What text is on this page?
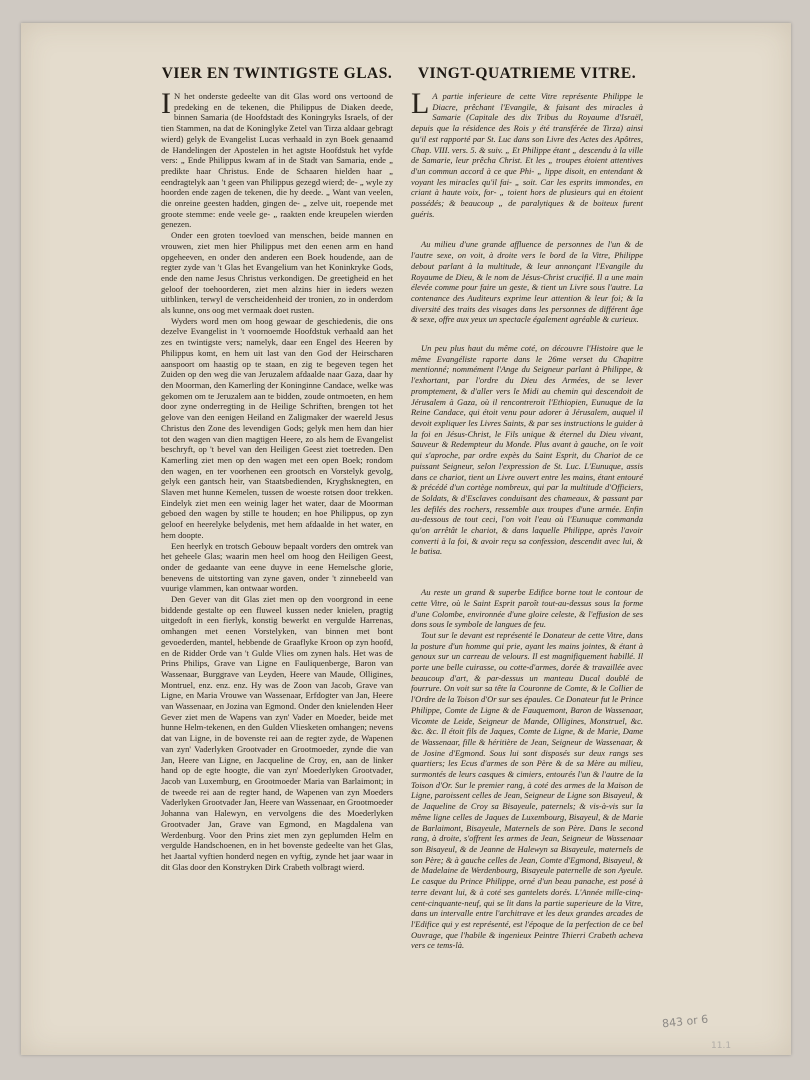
VIER EN TWINTIGSTE GLAS.

I N het onderste gedeelte van dit Glas word ons vertoond de predeking en de tekenen, die Philippus de Diaken deede, binnen Samaria (de Hoofdstadt des Koningryks Israels, of der tien Stammen, na dat de Koninglyke Zetel van Tirza aldaar gebragt wierd) gelyk de Evangelist Lucas verhaald in zyn Boek genaamd de Handelingen der Apostelen in het agtste Hoofdstuk het vyfde vers: „ Ende Philippus kwam af in de Stadt van Samaria, ende „ predikte haar Christus. Ende de Schaaren hielden haar „ eendragtelyk aan 't geen van Philippus gezegd wierd; de- „ wyle zy hoorden ende zagen de tekenen, die hy deede. „ Want van veelen, die onreine geesten hadden, gingen de- „ zelve uit, roepende met groote stemme: ende veele ge- „ raakten ende kreupelen wierden genezen.

Onder een groten toevloed van menschen, beide mannen en vrouwen, ziet men hier Philippus met den eenen arm en hand opgeheeven, en onder den anderen een Boek houdende, aan de regter zyde van 't Glas het Evangelium van het Koninkryke Gods, ende den name Jesus Christus verkondigen. De greetigheid en het geloof der toehoorderen, ziet men alzins hier in ieders wezen uitblinken, terwyl de verscheidenheid der tronien, zo in onderdom als kunne, ons oog met vermaak doet rusten.

Wyders word men om hoog gewaar de geschiedenis, die ons dezelve Evangelist in 't voornoemde Hoofdstuk verhaald aan het zes en twintigste vers; namelyk, daar een Engel des Heeren by Philippus komt, en hem uit last van den God der Heirscharen aanspoort om haastig op te staan, en zig te begeven tegen het Zuiden op den weg die van Jeruzalem afdaalde naar Gaza, daar hy den Moorman, den Kamerling der Koninginne Candace, welke was gekomen om te Jeruzalem aan te bidden, zoude ontmoeten, en hem door zyne onderregting in de Heilige Schriften, brengen tot het gelove van den eenigen Heiland en Zaligmaker der waereld Jesus Christus den Zone des levendigen Gods; gelyk men hem dan hier tot den wagen van dien magtigen Heere, zo als hem de Evangelist beschryft, op 't bevel van den Heiligen Geest ziet toetreden. Den Kamerling ziet men op den wagen met een open Boek; rondom den wagen, en ter voorhenen een grootsch en Vorstelyk gevolg, gelyk een gantsch heir, van Staatsbedienden, Kryghsknegten, en Slaven met hunne Kemelen, tussen de woeste rotsen door trekken. Eindelyk ziet men een weinig lager het water, daar de Moorman geboed den wagen by stille te houden; en hoe Philippus, op zyn geloof en heerelyke belydenis, met hem afdaalde in het water, en hem doopte.

Een heerlyk en trotsch Gebouw bepaalt vorders den omtrek van het geheele Glas; waarin men heel om hoog den Heiligen Geest, onder de gedaante van eene duyve in eene Hemelsche glorie, benevens de uitstorting van zyne gaven, onder 't zinnebeeld van vuurige vlammen, kan ontwaar worden.

Den Gever van dit Glas ziet men op den voorgrond in eene biddende gestalte op een fluweel kussen neder knielen, pragtig uitgedoft in een fierlyk, konstig bewerkt en vergulde Harrenas, omhangen met eenen Vorstelyken, van binnen met bont gevoederden, mantel, hebbende de Graaflyke Kroon op zyn hoofd, en de Ridder Orde van 't Gulde Vlies om zynen hals. Het was de Prins Philips, Grave van Ligne en Fauliquenberge, Baron van Wassenaar, Burggrave van Leyden, Heere van Maude, Olligines, Montruel, enz. enz. enz. Hy was de Zoon van Jacob, Grave van Ligne, en Maria Vrouwe van Wassenaar, Erfdogter van Jan, Heere van Wassenaar, en Jozina van Egmond. Onder den knielenden Heer Gever ziet men de Wapens van zyn' Vader en Moeder, beide met hunne Helm-tekenen, en den Gulden Vliesketen omhangen; nevens dat van Ligne, in de bovenste rei aan de regter zyde, de Wapenen van zyn' Vaderlyken Grootvader en Grootmoeder, zynde die van Jan, Heere van Ligne, en Jacqueline de Croy, en, aan de linker hand op de egte hoogte, die van zyn' Moederlyken Grootvader, Jacob van Luxemburg, en Grootmoeder Maria van Barlaimont; in de tweede rei aan de regter hand, de Wapenen van zyn Moeders Vaderlyken Grootvader Jan, Heere van Wassenaar, en Grootmoeder Johanna van Halewyn, en vervolgens die des Moederlyken Grootvader Jan, Grave van Egmond, en Magdalena van Werdenburg. Voor den Prins ziet men zyn geplumden Helm en vergulde Handschoenen, en in het bovenste gedeelte van het Glas, het Jaartal vyftien honderd negen en vyftig, zynde het jaar waar in dit Glas door den Konstryken Dirk Crabeth volbragt wierd.

VINGT-QUATRIEME VITRE.

L A partie inferieure de cette Vitre représente Philippe le Diacre, prêchant l'Evangile, & faisant des miracles à Samarie (Capitale des dix Tribus du Royaume d'Israël, depuis que la résidence des Rois y été transférée de Tirza) ainsi qu'il est rapporté par St. Luc dans son Livre des Actes des Apôtres, Chap. VIII. vers. 5. & suiv. „ Et Philippe étant „ descendu à la ville de Samarie, leur prêcha Christ. Et les „ troupes étoient attentives d'un commun accord à ce que Phi- „ lippe disoit, en entendant & voyant les miracles qu'il fai- „ soit. Car les esprits immondes, en criant à haute voix, for- „ toient hors de plusieurs qui en étoient possédés; & beaucoup „ de paralytiques & de boiteux furent guéris.

Au milieu d'une grande affluence de personnes de l'un & de l'autre sexe, on voit, à droite vers le bord de la Vitre, Philippe debout parlant à la multitude, & leur annonçant l'Evangile du Royaume de Dieu, & le nom de Jésus-Christ crucifié. Il a une main élevée comme pour faire un geste, & tient un Livre sous l'autre. La contenance des Auditeurs exprime leur attention & leur foi; & la diversité des traits des visages dans les personnes de différent âge & sexe, offre aux yeux un spectacle également agréable & curieux.

Un peu plus haut du même coté, on découvre l'Histoire que le même Evangéliste raporte dans le 26me verset du Chapitre mentionné; nommément l'Ange du Seigneur parlant à Philippe, & l'exhortant, par l'ordre du Dieu des Armées, de se lever promptement, & d'aller vers le Midi au chemin qui descendoit de Jérusalem à Gaza, où il rencontreroit l'Ethiopien, Eunuque de la Reine Candace, qui étoit venu pour adorer à Jérusalem, auquel il devoit expliquer les Livres Saints, & par ses instructions le guider à la foi en Jésus-Christ, le Fils unique & éternel du Dieu vivant, Sauveur & Redempteur du Monde. Plus avant à gauche, on le voit qui s'aproche, par ordre expès du Saint Esprit, du Chariot de ce puissant Seigneur, selon l'expression de St. Luc. L'Eunuque, assis dans ce chariot, tient un Livre ouvert entre les mains, étant entouré & précédé d'un cortège nombreux, qui par la multitude d'Officiers, de Soldats, & d'Esclaves conduisant des chameaux, & passant par les defilés des rochers, ressemble aux troupes d'une armée. Enfin au-dessous de tout ceci, l'on voit l'eau où l'Eunuque commanda qu'on arrêtât le chariot, & dans laquelle Philippe, après l'avoir converti à la foi, & avoir reçu sa confession, descendit avec lui, & le batisa.

Au reste un grand & superbe Edifice borne tout le contour de cette Vitre, où le Saint Esprit paroît tout-au-dessus sous la forme d'une Colombe, environnée d'une gloire celeste, & l'effusion de ses dons sous le symbole de langues de feu.

Tout sur le devant est représenté le Donateur de cette Vitre, dans la posture d'un homme qui prie, ayant les mains jointes, & étant à genoux sur un carreau de velours. Il est magnifiquement habillé. Il porte une belle cuirasse, ou cotte-d'armes, dorée & travaillée avec beaucoup d'art, & par-dessus un manteau Ducal doublé de fourrure. On voit sur sa tête la Couronne de Comte, & le Collier de l'Ordre de la Toison d'Or sur ses épaules. Ce Donateur fut le Prince Philippe, Comte de Ligne & de Fauquemont, Baron de Wassenaar, Vicomte de Leide, Seigneur de Mande, Olligines, Monstruel, &c. &c. &c. Il étoit fils de Jaques, Comte de Ligne, & de Marie, Dame de Wassenaar, fille & héritière de Jean, Seigneur de Wassenaar, & de Josine d'Egmond. Sous lui sont disposés sur deux rangs ses quartiers; les Ecus d'armes de son Père & de sa Mère au milieu, surmontés de leurs casques & cimiers, entourés l'un & l'autre de la Toison d'Or. Sur le premier rang, à coté des armes de la Maison de Ligne, paroissent celles de Jean, Seigneur de Ligne son Bisayeul, & de Jaqueline de Croy sa Bisayeule, paternels; & vis-à-vis sur la même ligne celles de Jaques de Luxembourg, Bisayeul, & de Marie de Barlaimont, Bisayeule, Maternels de son Père. Dans le second rang, à droite, s'offrent les armes de Jean, Seigneur de Wassenaar son Bisayeul, & de Jeanne de Halewyn sa Bisayeule, maternels de son Père; & à gauche celles de Jean, Comte d'Egmond, Bisayeul, & de Madelaine de Werdenbourg, Bisayeule paternelle de son Ayeule. Le casque du Prince Philippe, orné d'un beau panache, est posé à terre devant lui, & à coté ses gantelets dorés. L'Année mille-cinq-cent-cinquante-neuf, qui se lit dans la partie superieure de la Vitre, dans un intervalle entre l'architrave et les deux grandes arcades de l'Edifice qui y est représenté, est l'époque de la perfection de ce bel Ouvrage, que l'habile & ingenieux Peintre Thierri Crabeth acheva vers ce tems-là.

843 or 6
11.1
